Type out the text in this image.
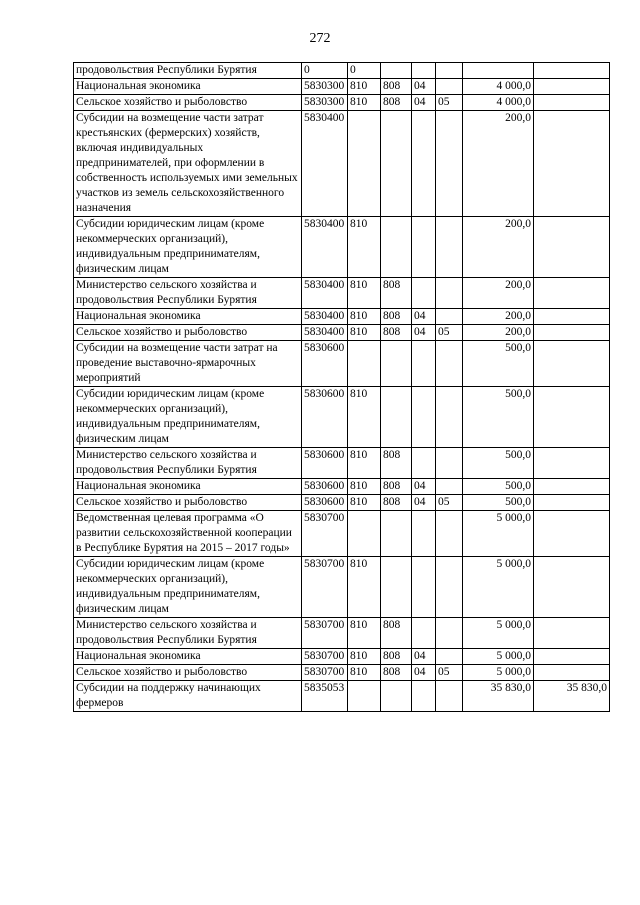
272
продовольствия Республики Бурятия	0	0					

Национальная экономика	5830300	810	808	04		4 000,0	

Сельское хозяйство и рыболовство	5830300	810	808	04	05	4 000,0	

Субсидии на возмещение части затрат крестьянских (фермерских) хозяйств, включая индивидуальных предпринимателей, при оформлении в собственность используемых ими земельных участков из земель сельскохозяйственного назначения	5830400					200,0	

Субсидии юридическим лицам (кроме некоммерческих организаций), индивидуальным предпринимателям, физическим лицам	5830400	810				200,0	

Министерство сельского хозяйства и продовольствия Республики Бурятия	5830400	810	808			200,0	

Национальная экономика	5830400	810	808	04		200,0	

Сельское хозяйство и рыболовство	5830400	810	808	04	05	200,0	

Субсидии на возмещение части затрат на проведение выставочно-ярмарочных мероприятий	5830600					500,0	

Субсидии юридическим лицам (кроме некоммерческих организаций), индивидуальным предпринимателям, физическим лицам	5830600	810				500,0	

Министерство сельского хозяйства и продовольствия Республики Бурятия	5830600	810	808			500,0	

Национальная экономика	5830600	810	808	04		500,0	

Сельское хозяйство и рыболовство	5830600	810	808	04	05	500,0	

Ведомственная целевая программа «О развитии сельскохозяйственной кооперации в Республике Бурятия на 2015 – 2017 годы»	5830700					5 000,0	

Субсидии юридическим лицам (кроме некоммерческих организаций), индивидуальным предпринимателям, физическим лицам	5830700	810				5 000,0	

Министерство сельского хозяйства и продовольствия Республики Бурятия	5830700	810	808			5 000,0	

Национальная экономика	5830700	810	808	04		5 000,0	

Сельское хозяйство и рыболовство	5830700	810	808	04	05	5 000,0	

Субсидии на поддержку начинающих фермеров	5835053					35 830,0	35 830,0
